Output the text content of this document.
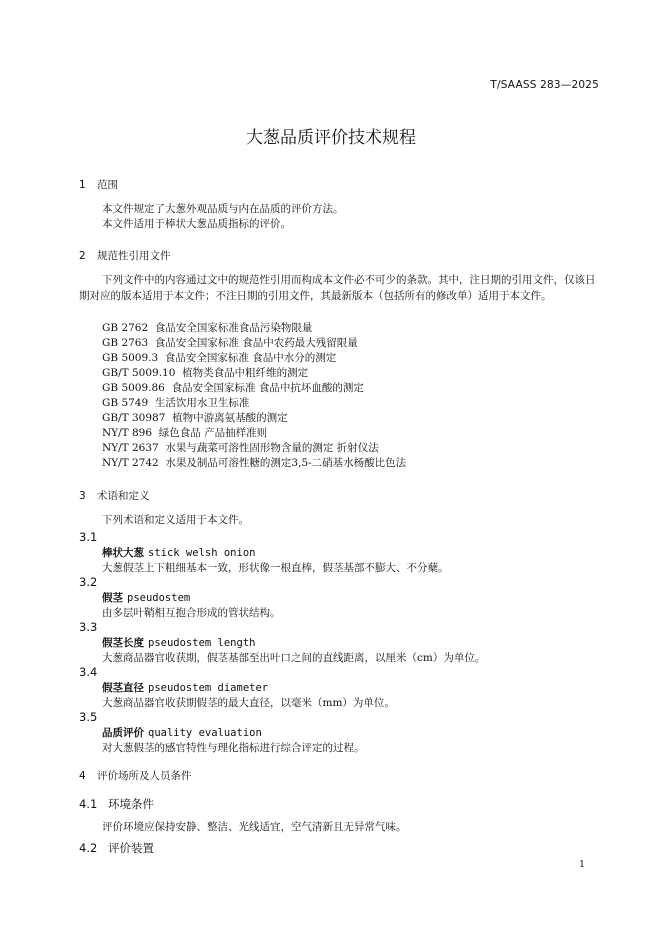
T/SAASS 283—2025
大葱品质评价技术规程
1 范围
本文件规定了大葱外观品质与内在品质的评价方法。
本文件适用于棒状大葱品质指标的评价。
2 规范性引用文件
下列文件中的内容通过文中的规范性引用而构成本文件必不可少的条款。其中，注日期的引用文件，仅该日期对应的版本适用于本文件；不注日期的引用文件，其最新版本（包括所有的修改单）适用于本文件。
GB 2762 食品安全国家标准食品污染物限量
GB 2763 食品安全国家标准 食品中农药最大残留限量
GB 5009.3 食品安全国家标准 食品中水分的测定
GB/T 5009.10 植物类食品中粗纤维的测定
GB 5009.86 食品安全国家标准 食品中抗坏血酸的测定
GB 5749 生活饮用水卫生标准
GB/T 30987 植物中游离氨基酸的测定
NY/T 896 绿色食品 产品抽样准则
NY/T 2637 水果与蔬菜可溶性固形物含量的测定 折射仪法
NY/T 2742 水果及制品可溶性糖的测定3,5-二硝基水杨酸比色法
3 术语和定义
下列术语和定义适用于本文件。
3.1
棒状大葱 stick welsh onion
大葱假茎上下粗细基本一致，形状像一根直棒，假茎基部不膨大、不分蘖。
3.2
假茎 pseudostem
由多层叶鞘相互抱合形成的管状结构。
3.3
假茎长度 pseudostem length
大葱商品器官收获期，假茎基部至出叶口之间的直线距离，以厘米（cm）为单位。
3.4
假茎直径 pseudostem diameter
大葱商品器官收获期假茎的最大直径，以毫米（mm）为单位。
3.5
品质评价 quality evaluation
对大葱假茎的感官特性与理化指标进行综合评定的过程。
4 评价场所及人员条件
4.1 环境条件
评价环境应保持安静、整洁、光线适宜，空气清新且无异常气味。
4.2 评价装置
1
